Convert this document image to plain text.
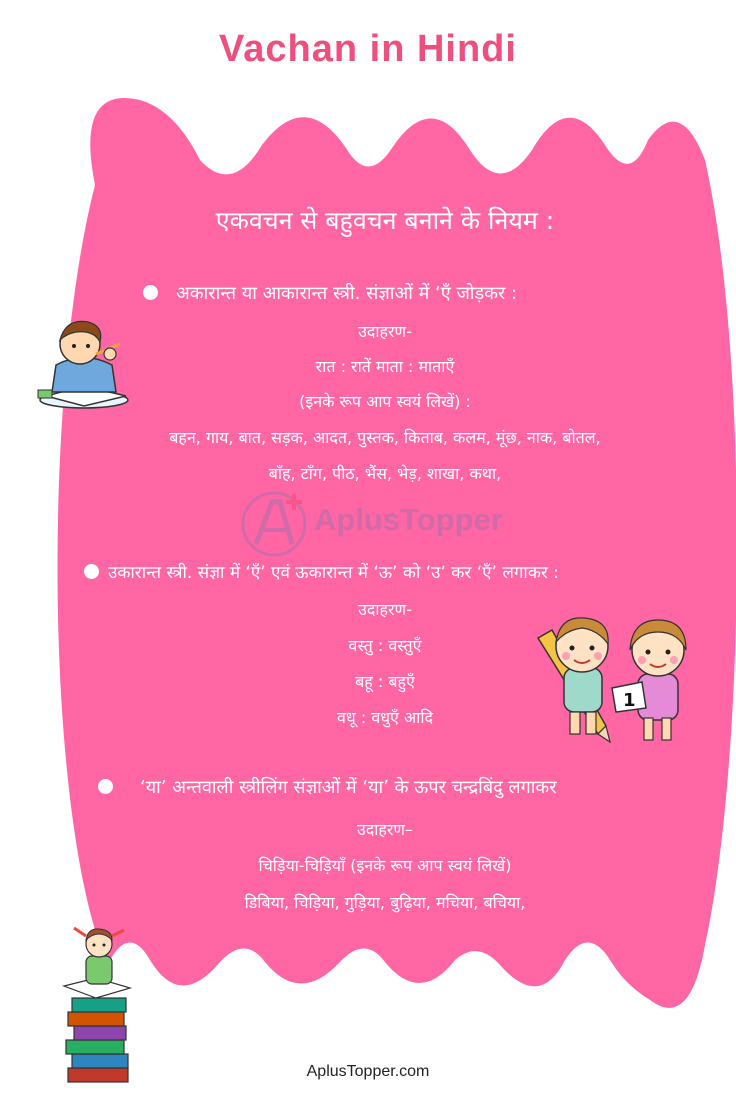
Vachan in Hindi
एकवचन से बहुवचन बनाने के नियम :
अकारान्त या आकारान्त स्त्री. संज्ञाओं में ‘एँ जोड़कर :
उदाहरण-
रात : रातें माता : माताएँ
(इनके रूप आप स्वयं लिखें) :
बहन, गाय, बात, सड़क, आदत, पुस्तक, किताब, कलम, मूंछ, नाक, बोतल,
बाँह, टाँग, पीठ, भैंस, भेड़, शाखा, कथा,
AplusTopper
उकारान्त स्त्री. संज्ञा में ‘एँ’ एवं ऊकारान्त में ‘ऊ’ को ‘उ’ कर ‘एँ’ लगाकर :
उदाहरण-
वस्तु : वस्तुएँ
बहू : बहुएँ
वधू : वधुएँ आदि
‘या’ अन्तवाली स्त्रीलिंग संज्ञाओं में ‘या’ के ऊपर चन्द्रबिंदु लगाकर
उदाहरण–
चिड़िया-चिड़ियाँ (इनके रूप आप स्वयं लिखें)
डिबिया, चिड़िया, गुड़िया, बुढ़िया, मचिया, बचिया,
1
AplusTopper.com
